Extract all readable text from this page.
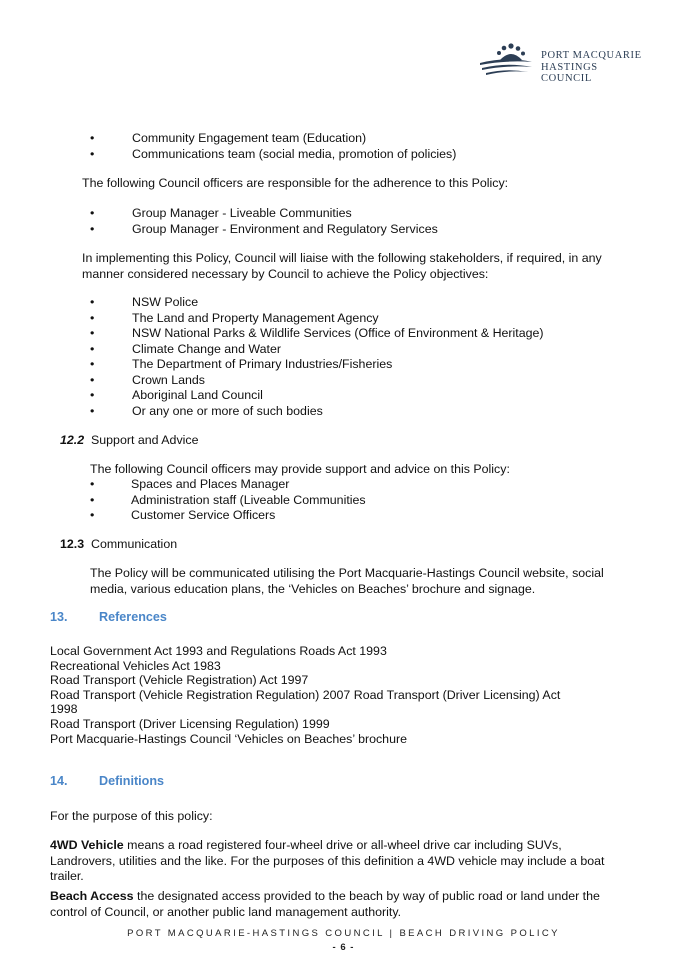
PORT MACQUARIE
HASTINGS COUNCIL
•	Community Engagement team (Education)
•	Communications team (social media, promotion of policies)

The following Council officers are responsible for the adherence to this Policy:

•	Group Manager - Liveable Communities
•	Group Manager - Environment and Regulatory Services

In implementing this Policy, Council will liaise with the following stakeholders, if required, in any manner considered necessary by Council to achieve the Policy objectives:

•	NSW Police
•	The Land and Property Management Agency
•	NSW National Parks & Wildlife Services (Office of Environment & Heritage)
•	Climate Change and Water
•	The Department of Primary Industries/Fisheries
•	Crown Lands
•	Aboriginal Land Council
•	Or any one or more of such bodies

12.2 Support and Advice

The following Council officers may provide support and advice on this Policy:

•	Spaces and Places Manager
•	Administration staff (Liveable Communities
•	Customer Service Officers

12.3 Communication

The Policy will be communicated utilising the Port Macquarie-Hastings Council website, social media, various education plans, the ‘Vehicles on Beaches’ brochure and signage.

13. References
Local Government Act 1993 and Regulations Roads Act 1993
Recreational Vehicles Act 1983
Road Transport (Vehicle Registration) Act 1997
Road Transport (Vehicle Registration Regulation) 2007 Road Transport (Driver Licensing) Act 1998
Road Transport (Driver Licensing Regulation) 1999
Port Macquarie-Hastings Council ‘Vehicles on Beaches’ brochure
14. Definitions

For the purpose of this policy:

4WD Vehicle means a road registered four-wheel drive or all-wheel drive car including SUVs, Landrovers, utilities and the like. For the purposes of this definition a 4WD vehicle may include a boat trailer.

Beach Access the designated access provided to the beach by way of public road or land under the control of Council, or another public land management authority.

PORT MACQUARIE-HASTINGS COUNCIL | BEACH DRIVING POLICY
- 6 -
